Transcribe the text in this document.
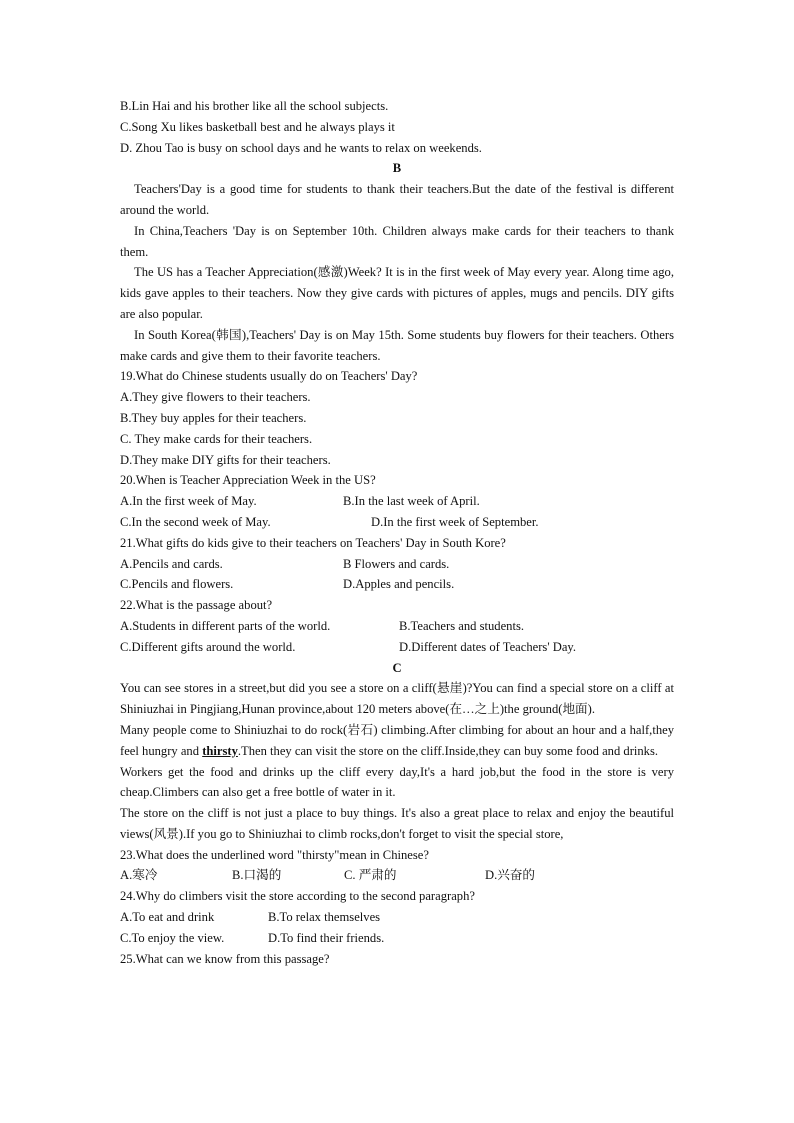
B.Lin Hai and his brother like all the school subjects.
C.Song Xu likes basketball best and he always plays it
D. Zhou Tao is busy on school days and he wants to relax on weekends.
B
Teachers'Day is a good time for students to thank their teachers.But the date of the festival is different around the world.
In China,Teachers 'Day is on September 10th. Children always make cards for their teachers to thank them.
The US has a Teacher Appreciation(感激)Week? It is in the first week of May every year. Along time ago,    kids gave apples to their teachers. Now they give cards with pictures of apples, mugs and pencils. DIY gifts are also popular.
In South Korea(韩国),Teachers' Day is on May 15th. Some students buy flowers for their teachers. Others make cards and give them to their favorite teachers.
19.What do Chinese students usually do on Teachers' Day?
A.They give flowers to their teachers.
B.They buy apples for their teachers.
C. They make cards for their teachers.
D.They make DIY gifts for their teachers.
20.When is Teacher Appreciation Week in the US?
A.In the first week of May.	B.In the last week of April.
C.In the second week of May.	D.In the first week of September.
21.What gifts do kids give to their teachers on Teachers' Day in South Kore?
A.Pencils and cards.	B Flowers and cards.
C.Pencils and flowers.	D.Apples and pencils.
22.What is the passage about?
A.Students in different parts of the world.	B.Teachers and students.
C.Different gifts around the world.	D.Different dates of Teachers' Day.
C
You can see stores in a street,but did you see a store on a cliff(悬崖)?You can find a special store on a cliff at Shiniuzhai in Pingjiang,Hunan province,about 120 meters above(在…之上)the ground(地面).
Many people come to Shiniuzhai to do rock(岩石) climbing.After climbing for about an hour and a half,they feel hungry and thirsty.Then they can visit the store on the cliff.Inside,they can buy some food and drinks.
Workers get the food and drinks up the cliff every day,It's a hard job,but the food in the store is very cheap.Climbers can also get a free bottle of water in it.
The store on the cliff is not just a place to buy things. It's also a great place to relax and enjoy the beautiful views(风景).If you go to Shiniuzhai to climb rocks,don't forget to visit the special store,
23.What does the underlined word "thirsty"mean in Chinese?
A.寒冷	B.口渴的	C. 严肃的	D.兴奋的
24.Why do climbers visit the store according to the second paragraph?
A.To eat and drink	B.To relax themselves
C.To enjoy the view.	D.To find their friends.
25.What can we know from this passage?
